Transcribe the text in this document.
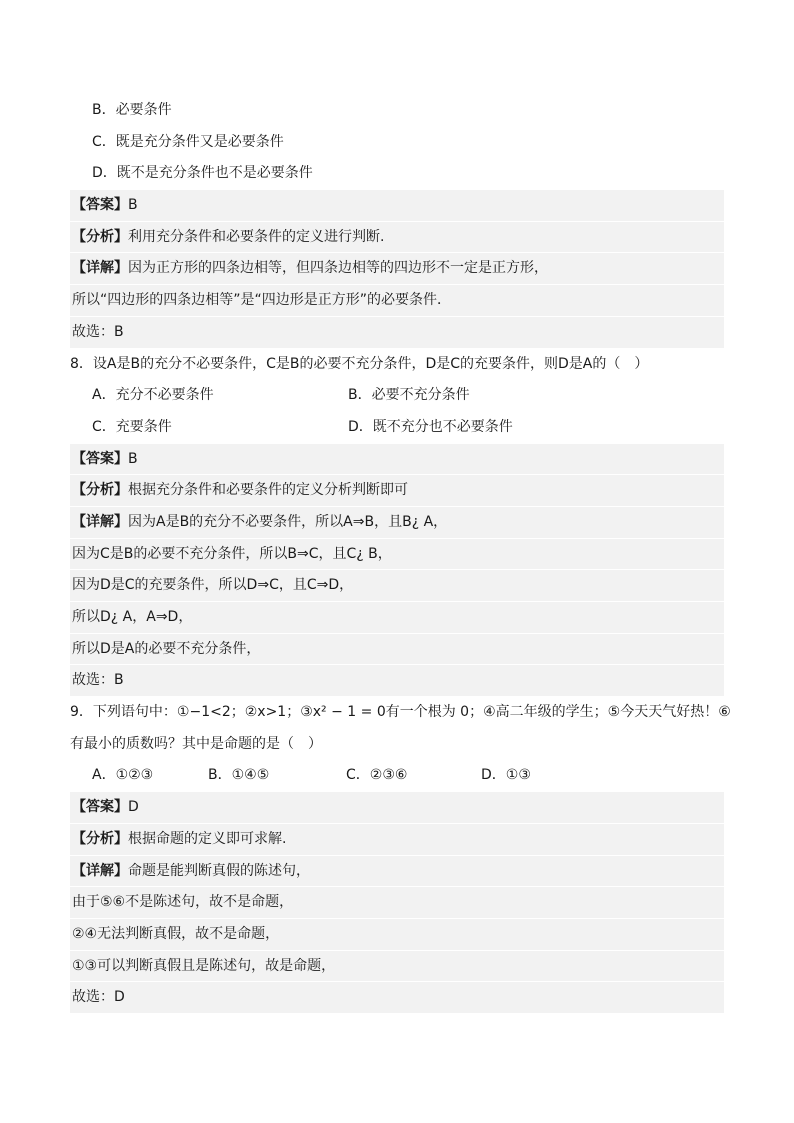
B．必要条件
C．既是充分条件又是必要条件
D．既不是充分条件也不是必要条件
【答案】B
【分析】利用充分条件和必要条件的定义进行判断.
【详解】因为正方形的四条边相等，但四条边相等的四边形不一定是正方形，
所以“四边形的四条边相等”是“四边形是正方形”的必要条件．
故选：B
8．设A是B的充分不必要条件，C是B的必要不充分条件，D是C的充要条件，则D是A的（　）
A．充分不必要条件	B．必要不充分条件
C．充要条件	D．既不充分也不必要条件
【答案】B
【分析】根据充分条件和必要条件的定义分析判断即可
【详解】因为A是B的充分不必要条件，所以A⇒B，且B¿ A，
因为C是B的必要不充分条件，所以B⇒C，且C¿ B，
因为D是C的充要条件，所以D⇒C，且C⇒D，
所以D¿ A，A⇒D，
所以D是A的必要不充分条件，
故选：B
9．下列语句中：①−1<2；②x>1；③x² − 1 = 0有一个根为 0；④高二年级的学生；⑤今天天气好热！⑥
有最小的质数吗？其中是命题的是（　）
A．①②③	B．①④⑤	C．②③⑥	D．①③
【答案】D
【分析】根据命题的定义即可求解.
【详解】命题是能判断真假的陈述句，
由于⑤⑥不是陈述句，故不是命题，
②④无法判断真假，故不是命题，
①③可以判断真假且是陈述句，故是命题，
故选：D
